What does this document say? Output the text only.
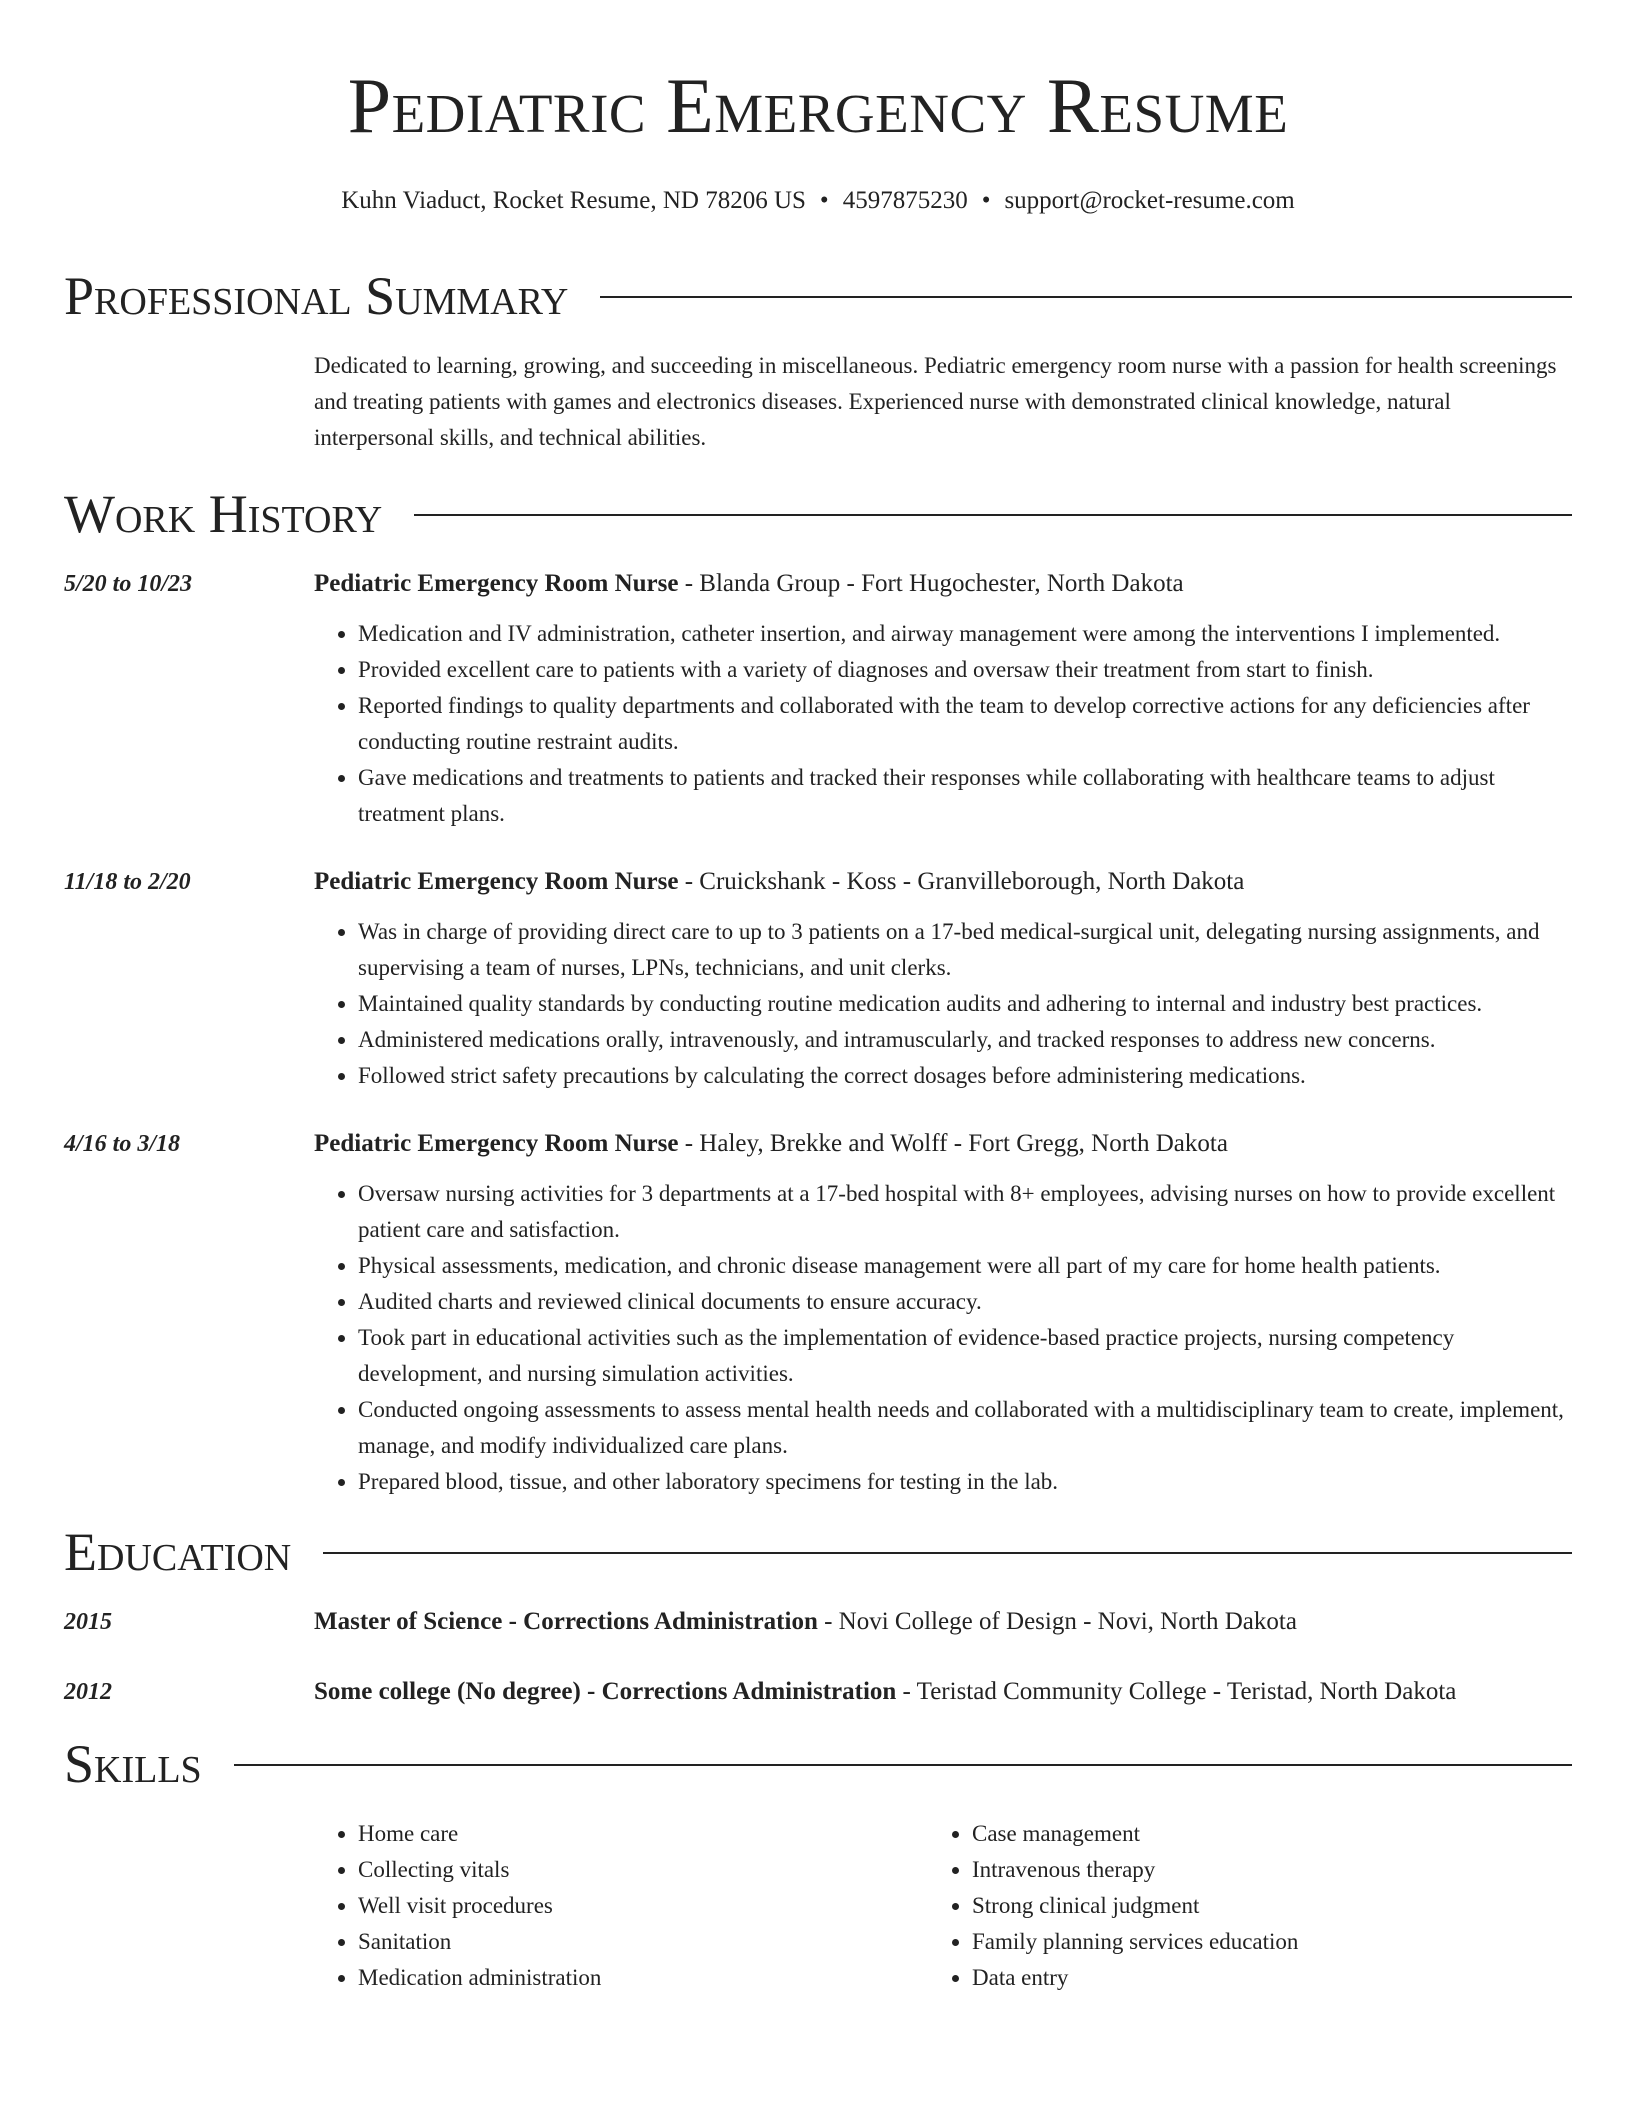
Pediatric Emergency Resume
Kuhn Viaduct, Rocket Resume, ND 78206 US • 4597875230 • support@rocket-resume.com
Professional Summary
Dedicated to learning, growing, and succeeding in miscellaneous. Pediatric emergency room nurse with a passion for health screenings and treating patients with games and electronics diseases. Experienced nurse with demonstrated clinical knowledge, natural interpersonal skills, and technical abilities.
Work History
5/20 to 10/23	Pediatric Emergency Room Nurse - Blanda Group - Fort Hugochester, North Dakota
• Medication and IV administration, catheter insertion, and airway management were among the interventions I implemented.
• Provided excellent care to patients with a variety of diagnoses and oversaw their treatment from start to finish.
• Reported findings to quality departments and collaborated with the team to develop corrective actions for any deficiencies after conducting routine restraint audits.
• Gave medications and treatments to patients and tracked their responses while collaborating with healthcare teams to adjust treatment plans.
11/18 to 2/20	Pediatric Emergency Room Nurse - Cruickshank - Koss - Granvilleborough, North Dakota
• Was in charge of providing direct care to up to 3 patients on a 17-bed medical-surgical unit, delegating nursing assignments, and supervising a team of nurses, LPNs, technicians, and unit clerks.
• Maintained quality standards by conducting routine medication audits and adhering to internal and industry best practices.
• Administered medications orally, intravenously, and intramuscularly, and tracked responses to address new concerns.
• Followed strict safety precautions by calculating the correct dosages before administering medications.
4/16 to 3/18	Pediatric Emergency Room Nurse - Haley, Brekke and Wolff - Fort Gregg, North Dakota
• Oversaw nursing activities for 3 departments at a 17-bed hospital with 8+ employees, advising nurses on how to provide excellent patient care and satisfaction.
• Physical assessments, medication, and chronic disease management were all part of my care for home health patients.
• Audited charts and reviewed clinical documents to ensure accuracy.
• Took part in educational activities such as the implementation of evidence-based practice projects, nursing competency development, and nursing simulation activities.
• Conducted ongoing assessments to assess mental health needs and collaborated with a multidisciplinary team to create, implement, manage, and modify individualized care plans.
• Prepared blood, tissue, and other laboratory specimens for testing in the lab.
Education
2015	Master of Science - Corrections Administration - Novi College of Design - Novi, North Dakota
2012	Some college (No degree) - Corrections Administration - Teristad Community College - Teristad, North Dakota
Skills
• Home care
• Collecting vitals
• Well visit procedures
• Sanitation
• Medication administration
• Case management
• Intravenous therapy
• Strong clinical judgment
• Family planning services education
• Data entry
